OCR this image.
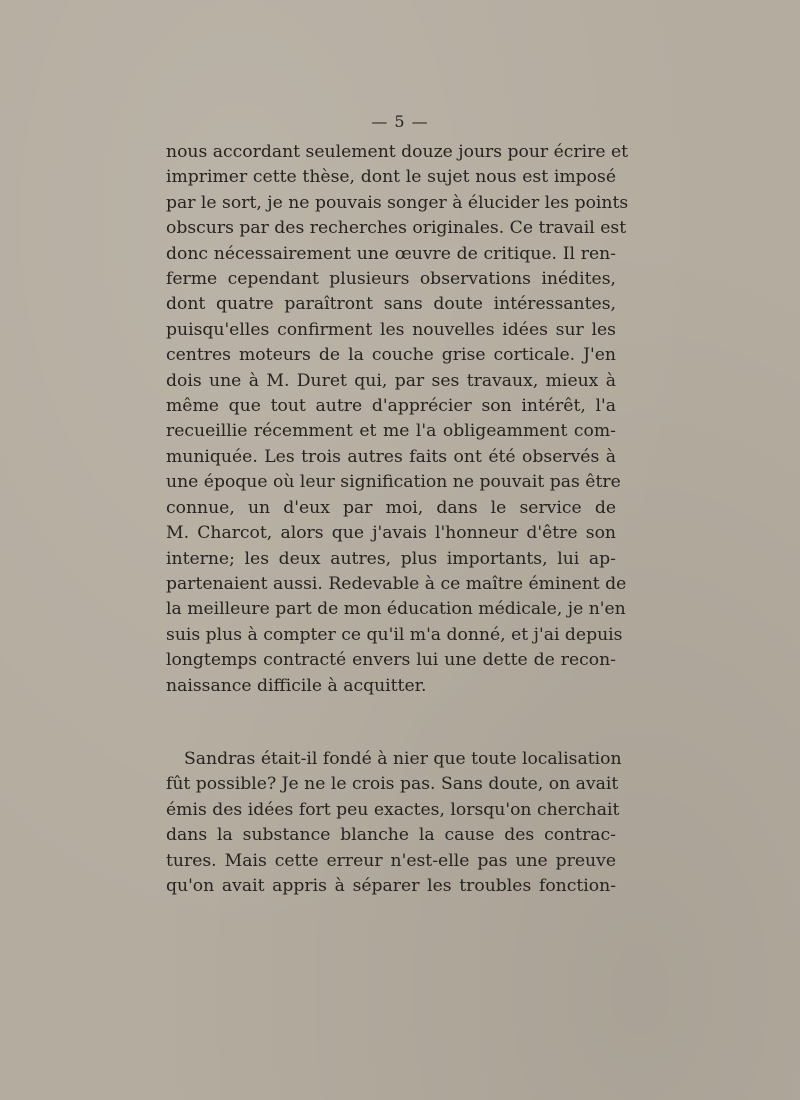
— 5 —

nous accordant seulement douze jours pour écrire et
imprimer cette thèse, dont le sujet nous est imposé
par le sort, je ne pouvais songer à élucider les points
obscurs par des recherches originales. Ce travail est
donc nécessairement une œuvre de critique. Il ren-
ferme cependant plusieurs observations inédites,
dont quatre paraîtront sans doute intéressantes,
puisqu'elles confirment les nouvelles idées sur les
centres moteurs de la couche grise corticale. J'en
dois une à M. Duret qui, par ses travaux, mieux à
même que tout autre d'apprécier son intérêt, l'a
recueillie récemment et me l'a obligeamment com-
muniquée. Les trois autres faits ont été observés à
une époque où leur signification ne pouvait pas être
connue, un d'eux par moi, dans le service de
M. Charcot, alors que j'avais l'honneur d'être son
interne; les deux autres, plus importants, lui ap-
partenaient aussi. Redevable à ce maître éminent de
la meilleure part de mon éducation médicale, je n'en
suis plus à compter ce qu'il m'a donné, et j'ai depuis
longtemps contracté envers lui une dette de recon-
naissance difficile à acquitter.

Sandras était-il fondé à nier que toute localisation
fût possible? Je ne le crois pas. Sans doute, on avait
émis des idées fort peu exactes, lorsqu'on cherchait
dans la substance blanche la cause des contrac-
tures. Mais cette erreur n'est-elle pas une preuve
qu'on avait appris à séparer les troubles fonction-
